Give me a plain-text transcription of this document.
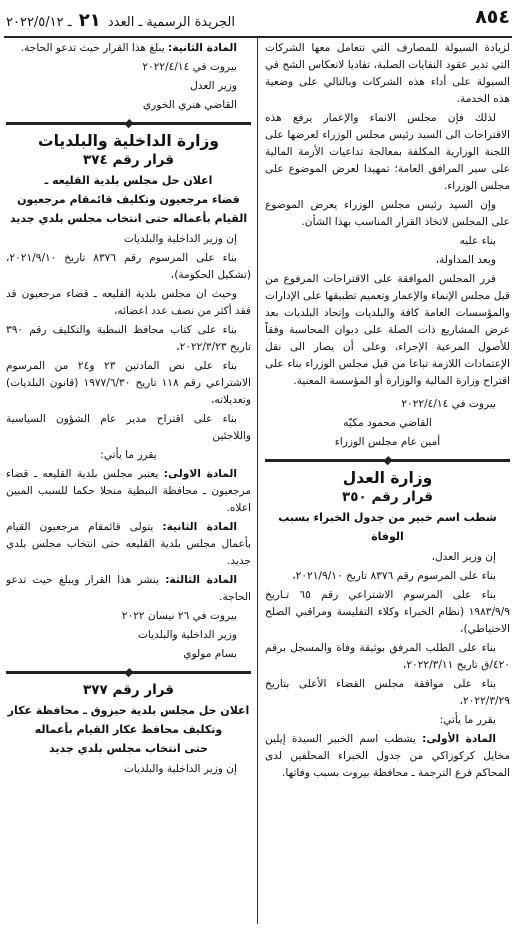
٨٥٤
الجريدة الرسمية ـ العدد ٢١ ـ ٢٠٢٢/٥/١٢

لزيادة السيولة للمصارف التي تتعامل معها الشركات التي تدير عقود النفايات الصلبة، تفاديا لانعكاس الشح في السيولة على أداء هذه الشركات وبالتالي على وضعية هذه الخدمة.

لذلك فإن مجلس الانماء والإعمار يرفع هذه الاقتراحات الى السيد رئيس مجلس الوزراء لعرضها على اللجنة الوزارية المكلفة بمعالجة تداعيات الأزمة المالية على سير المرافق العامة؛ تمهيدا لعرض الموضوع على مجلس الوزراء.

وإن السيد رئيس مجلس الوزراء يعرض الموضوع على المجلس لاتخاذ القرار المناسب بهذا الشأن.

بناء عليه

وبعد المداولة،

قرر المجلس الموافقة على الاقتراحات المرفوع من قبل مجلس الإنماء والإعمار وتعميم تطبيقها على الإدارات والمؤسسات العامة كافة والبلديات وإتحاد البلديات بعد عرض المشاريع ذات الصلة على ديوان المحاسبة وفقاً للأصول المرعية الإجراء، وعلى أن يصار الى نقل الإعتمادات اللازمة تباعا من قبل مجلس الوزراء بناء على اقتراح وزارة المالية والوزارة أو المؤسسة المعنية.

بيروت في ٢٠٢٢/٤/١٤

القاضي محمود مكيّه

أمين عام مجلس الوزراء

وزارة العدل
قرار رقم ٣٥٠
شطب اسم خبير من جدول الخبراء بسبب الوفاة

إن وزير العدل،

بناء على المرسوم رقم ٨٣٧٦ تاريخ ٢٠٢١/٩/١٠،

بناء على المرسوم الاشتراعي رقم ٦٥ تـاريخ ١٩٨٣/٩/٩ (نظام الخبراء وكلاء التفليسة ومراقبي الصلح الاحتياطي)،

بناء على الطلب المرفق بوثيقة وفاة والمسجل برقم ٤٢٠/ق تاريخ ٢٠٢٢/٣/١١،

بناء على موافقة مجلس القضاء الأعلى بتاريخ ٢٠٢٢/٣/٢٩،

يقرر ما يأتي:

المادة الأولى: يشطب اسم الخبير السيدة إيلين مخايل كركوزاكي من جدول الخبراء المحلفين لدى المحاكم فرع الترجمة ـ محافظة بيروت بسبب وفاتها.

المادة الثانية: يبلغ هذا القرار حيث تدعو الحاجة.

بيروت في ٢٠٢٢/٤/١٤

وزير العدل

القاضي هنري الخوري

وزارة الداخلية والبلديات
قرار رقم ٣٧٤
اعلان حل مجلس بلدية القليعه ـ
قضاء مرجعيون وتكليف قائمقام مرجعيون
القيام بأعماله حتى انتخاب مجلس بلدي جديد

إن وزير الداخلية والبلديات

بناء على المرسوم رقم ٨٣٧٦ تاريخ ٢٠٢١/٩/١٠، (تشكيل الحكومة)،

وحيث ان مجلس بلدية القليعه ـ قضاء مرجعيون قد فقد أكثر من نصف عدد اعضائه،

بناء على كتاب محافظ النبطية والتكليف رقم ٣٩٠ تاريخ ٢٠٢٢/٣/٢٣،

بناء على نص المادتين ٢٣ و٢٤ من المرسوم الاشتراعي رقم ١١٨ تاريخ ١٩٧٧/٦/٣٠ (قانون البلديات) وتعديلاته،

بناء على اقتراح مدير عام الشؤون السياسية واللاجئين

يقرر ما يأتي:

المادة الاولى: يعتبر مجلس بلدية القليعه ـ قضاء مرجعيون ـ محافظة النبطية منحلا حكما للسبب المبين اعلاه.

المادة الثانية: يتولى قائمقام مرجعيون القيام بأعمال مجلس بلدية القليعه حتى انتخاب مجلس بلدي جديد.

المادة الثالثة: ينشر هذا القرار ويبلغ حيث تدعو الحاجة.

بيروت في ٢٦ نيسان ٢٠٢٢

وزير الداخلية والبلديات

بسام مولوي

قرار رقم ٣٧٧
اعلان حل مجلس بلدية حيزوق ـ محافظة عكار
وتكليف محافظ عكار القيام بأعماله
حتى انتخاب مجلس بلدي جديد

إن وزير الداخلية والبلديات
